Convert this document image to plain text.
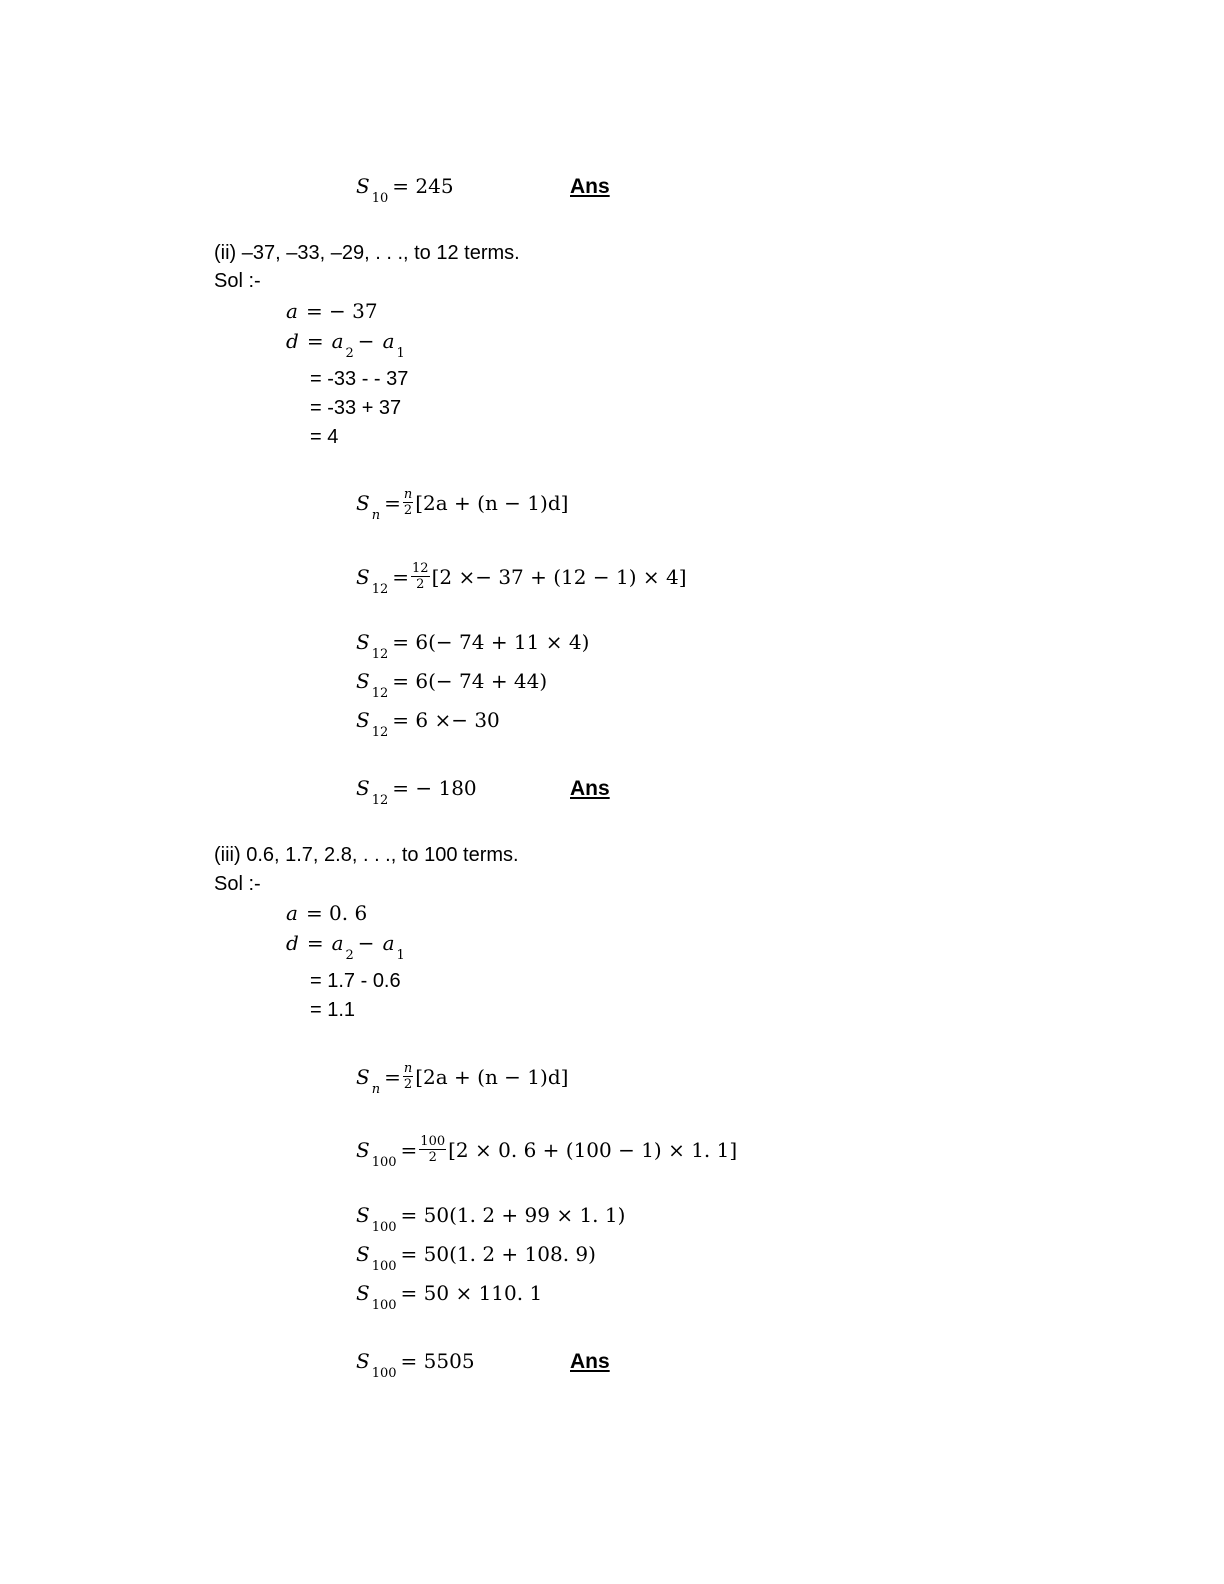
$S_{10}= 245$	Ans
(ii) –37, –33, –29, . . ., to 12 terms.
Sol :-
a = − 37
$d = a_2- a_1$
= -33 - - 37
= -33 + 37
= 4
$S_n= \frac{n}{2} [2a + (n - 1)d]$
$S_{12}= \frac{12}{2} [2 \times- 37 + (12 - 1) \times 4]$
$S_{12}= 6(- 74 + 11 \times 4)$
$S_{12}= 6(- 74 + 44)$
$S_{12}= 6 \times- 30$
$S_{12}= - 180$	Ans
(iii) 0.6, 1.7, 2.8, . . ., to 100 terms.
Sol :-
a = 0. 6
$d = a_2- a_1$
= 1.7 - 0.6
= 1.1
$S_n= \frac{n}{2} [2a + (n - 1)d]$
$S_{100}= \frac{100}{2} [2 \times 0$. 6 + (100 − 1) × 1. 1]
$S_{100}= 50(1$. 2 + 99 × 1. 1)
$S_{100}= 50(1$. 2 + 108. 9)
$S_{100}= 50 \times 110$. 1
$S_{100}= 5505$	Ans
